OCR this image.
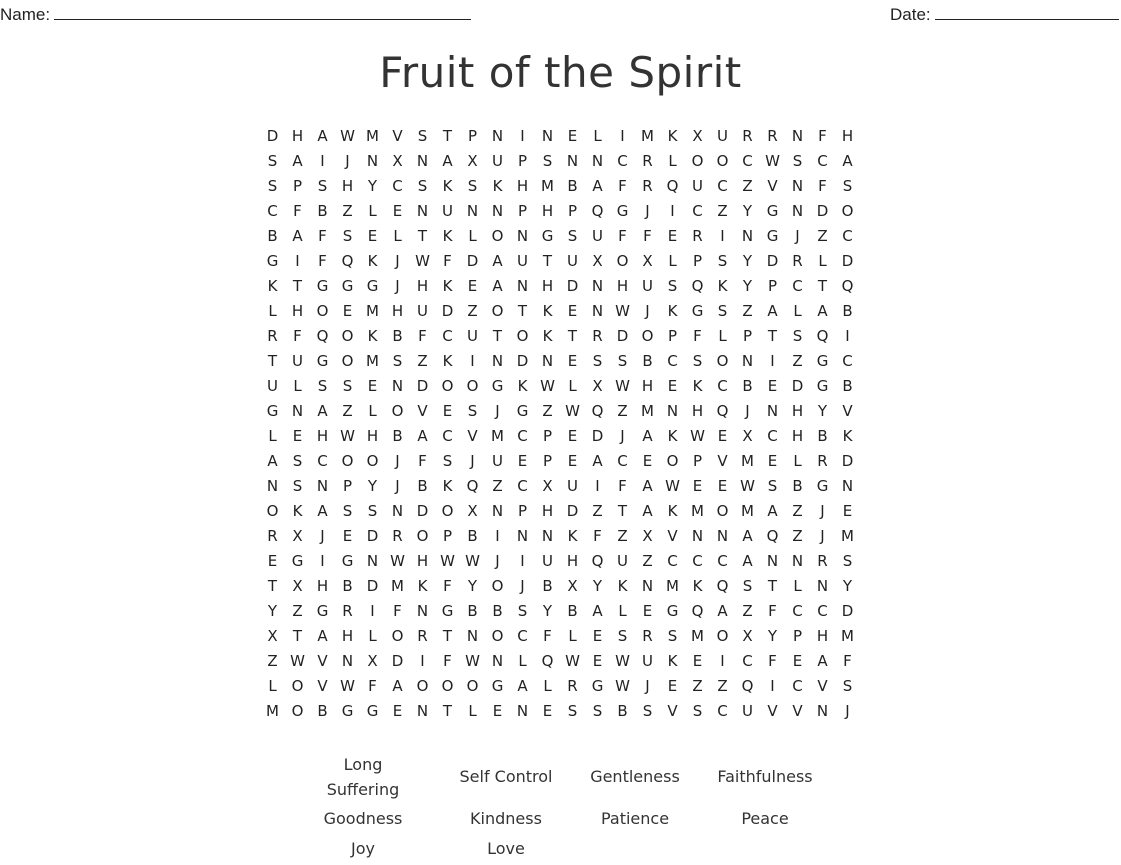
Name:	Date:
Fruit of the Spirit
D H A W M V	S	T	P N	I	N E	L	I	M K X U R R N	F	H
S	A	I	J	N X N A X U P	S N N C R	L O O C W S C A
S	P	S H Y	C	S	K	S	K H M B A	F	R Q U C Z V N	F	S
C	F	B Z	L	E N U N N P H P Q G	J	I	C Z	Y G N D O
B A	F	S	E	L	T	K	L O N G S U	F	F	E	R	I	N G	J	Z C
G	I	F Q K	J	W F D A U T U X O X	L	P	S	Y D R	L	D
K	T G G G	J	H K	E	A N H D N H U S Q K	Y	P	C	T Q
L	H O E M H U D Z O T	K	E N W	J	K G S	Z A	L	A B
R	F Q O K B	F	C U T O K	T	R D O P	F	L	P	T	S Q	I
T U G O M S	Z K	I	N D N E	S	S	B C	S O N	I	Z G C
U	L	S	S	E N D O O G K W L	X W H E	K C B	E D G B
G N A Z	L O V	E	S	J	G Z W Q Z M N H Q	J	N H Y	V
L	E H W H B A C V M C	P	E D	J	A K W E	X C H B K
A	S C O O	J	F	S	J	U E	P	E	A C	E O P	V M E	L	R D
N S N P	Y	J	B K Q Z C X U	I	F	A W E	E W S	B G N
O K A	S	S N D O X N P H D Z	T	A K M O M A Z	J	E
R X	J	E D R O P	B	I	N N K	F	Z X V N N A Q Z	J	M
E G	I	G N W H W W	J	I	U H Q U Z C C C A N N R	S
T	X H B D M K	F	Y O	J	B X	Y	K N M K Q S	T	L	N Y
Y	Z G R	I	F	N G B B	S	Y	B A	L	E G Q A Z	F	C C D
X	T	A H	L O R	T N O C	F	L	E	S	R	S M O X	Y	P H M
Z W V N X D	I	F W N	L Q W E W U K	E	I	C	F	E	A	F
L O V W F	A O O O G A	L	R G W	J	E	Z Z Q	I	C V	S
M O B G G E N T	L	E N E	S	S	B	S	V	S C U V V N	J
Long
Suffering
Self Control	Gentleness	Faithfulness
Goodness	Kindness	Patience	Peace
Joy	Love
